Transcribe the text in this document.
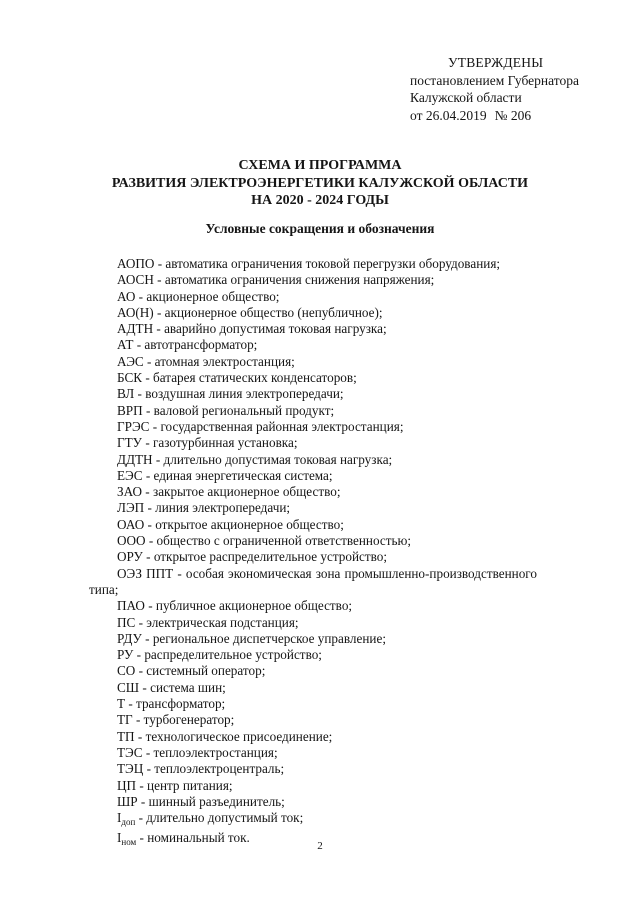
УТВЕРЖДЕНЫ
постановлением Губернатора
Калужской области
от 26.04.2019 № 206
СХЕМА И ПРОГРАММА
РАЗВИТИЯ ЭЛЕКТРОЭНЕРГЕТИКИ КАЛУЖСКОЙ ОБЛАСТИ
НА 2020 - 2024 ГОДЫ
Условные сокращения и обозначения
АОПО - автоматика ограничения токовой перегрузки оборудования;
АОСН - автоматика ограничения снижения напряжения;
АО - акционерное общество;
АО(Н) - акционерное общество (непубличное);
АДТН - аварийно допустимая токовая нагрузка;
АТ - автотрансформатор;
АЭС - атомная электростанция;
БСК - батарея статических конденсаторов;
ВЛ - воздушная линия электропередачи;
ВРП - валовой региональный продукт;
ГРЭС - государственная районная электростанция;
ГТУ - газотурбинная установка;
ДДТН - длительно допустимая токовая нагрузка;
ЕЭС - единая энергетическая система;
ЗАО - закрытое акционерное общество;
ЛЭП - линия электропередачи;
ОАО - открытое акционерное общество;
ООО - общество с ограниченной ответственностью;
ОРУ - открытое распределительное устройство;
ОЭЗ ППТ - особая экономическая зона промышленно-производственного типа;
ПАО - публичное акционерное общество;
ПС - электрическая подстанция;
РДУ - региональное диспетчерское управление;
РУ - распределительное устройство;
СО - системный оператор;
СШ - система шин;
Т - трансформатор;
ТГ - турбогенератор;
ТП - технологическое присоединение;
ТЭС - теплоэлектростанция;
ТЭЦ - теплоэлектроцентраль;
ЦП - центр питания;
ШР - шинный разъединитель;
$I_{доп}$ - длительно допустимый ток;
$I_{ном}$ - номинальный ток.
2
